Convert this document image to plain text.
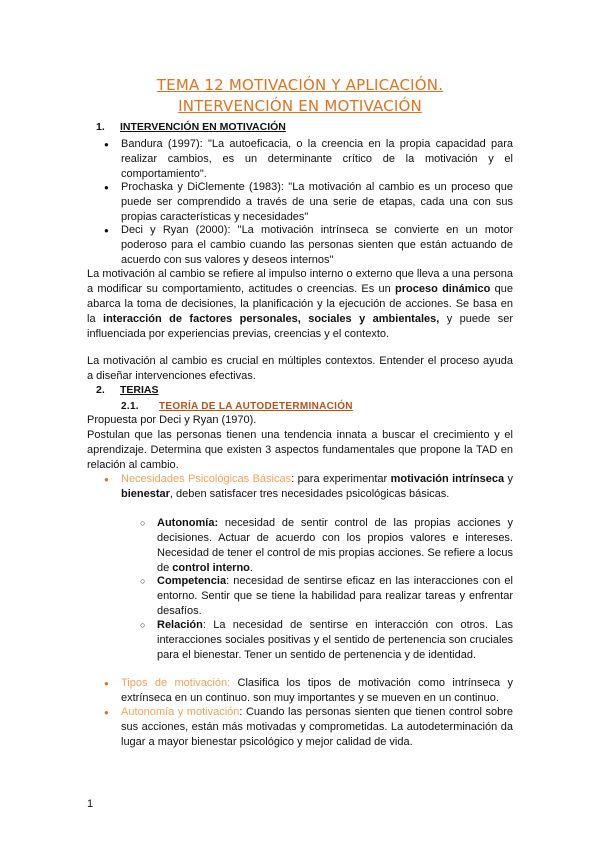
TEMA 12 MOTIVACIÓN Y APLICACIÓN.
INTERVENCIÓN EN MOTIVACIÓN
1. INTERVENCIÓN EN MOTIVACIÓN
● Bandura (1997): "La autoeficacia, o la creencia en la propia capacidad para realizar cambios, es un determinante crítico de la motivación y el comportamiento".
● Prochaska y DiClemente (1983): "La motivación al cambio es un proceso que puede ser comprendido a través de una serie de etapas, cada una con sus propias características y necesidades"
● Deci y Ryan (2000): "La motivación intrínseca se convierte en un motor poderoso para el cambio cuando las personas sienten que están actuando de acuerdo con sus valores y deseos internos"
La motivación al cambio se refiere al impulso interno o externo que lleva a una persona a modificar su comportamiento, actitudes o creencias. Es un proceso dinámico que abarca la toma de decisiones, la planificación y la ejecución de acciones. Se basa en la interacción de factores personales, sociales y ambientales, y puede ser influenciada por experiencias previas, creencias y el contexto.
La motivación al cambio es crucial en múltiples contextos. Entender el proceso ayuda a diseñar intervenciones efectivas.
2. TERIAS
2.1. TEORÍA DE LA AUTODETERMINACIÓN
Propuesta por Deci y Ryan (1970).
Postulan que las personas tienen una tendencia innata a buscar el crecimiento y el aprendizaje. Determina que existen 3 aspectos fundamentales que propone la TAD en relación al cambio.
● Necesidades Psicológicas Básicas: para experimentar motivación intrínseca y bienestar, deben satisfacer tres necesidades psicológicas básicas.
○ Autonomía: necesidad de sentir control de las propias acciones y decisiones. Actuar de acuerdo con los propios valores e intereses. Necesidad de tener el control de mis propias acciones. Se refiere a locus de control interno.
○ Competencia: necesidad de sentirse eficaz en las interacciones con el entorno. Sentir que se tiene la habilidad para realizar tareas y enfrentar desafíos.
○ Relación: La necesidad de sentirse en interacción con otros. Las interacciones sociales positivas y el sentido de pertenencia son cruciales para el bienestar. Tener un sentido de pertenencia y de identidad.
● Tipos de motivación: Clasifica los tipos de motivación como intrínseca y extrínseca en un continuo. son muy importantes y se mueven en un continuo.
● Autonomía y motivación: Cuando las personas sienten que tienen control sobre sus acciones, están más motivadas y comprometidas. La autodeterminación da lugar a mayor bienestar psicológico y mejor calidad de vida.
1
